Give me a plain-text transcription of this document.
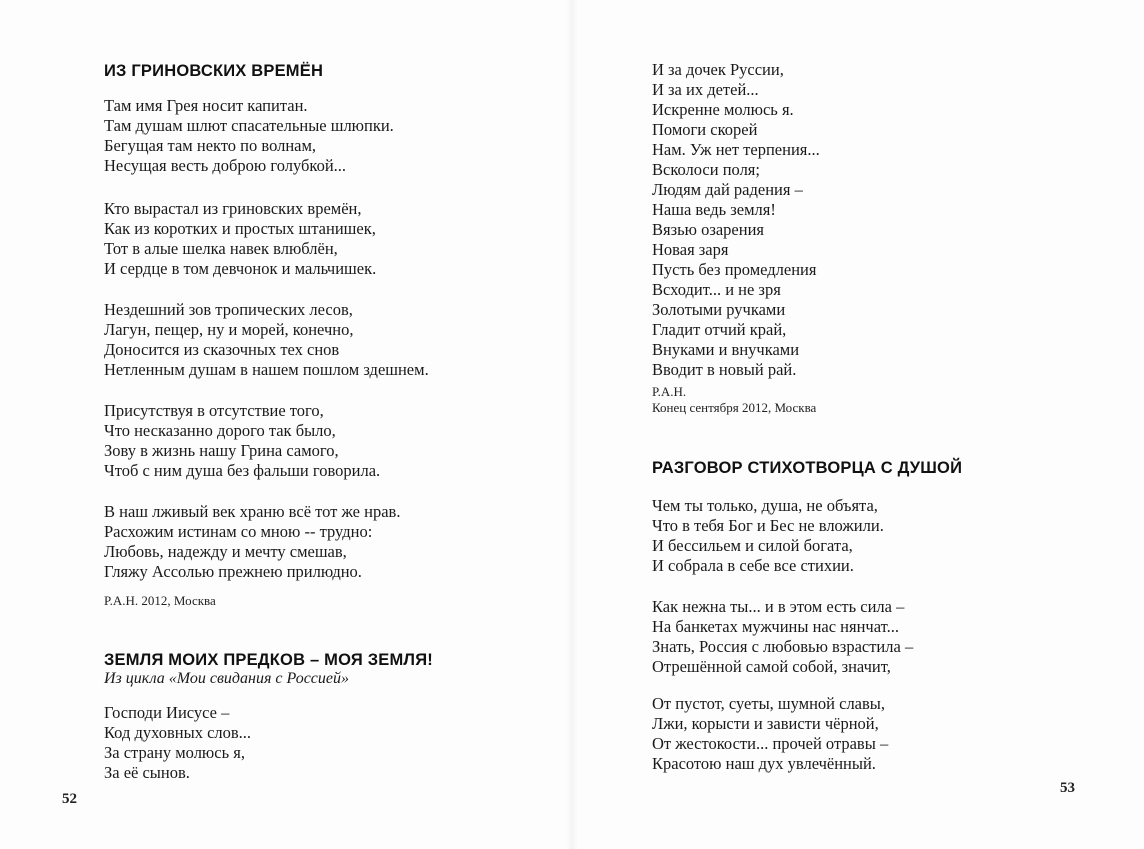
ИЗ ГРИНОВСКИХ ВРЕМЁН
Там имя Грея носит капитан.
Там душам шлют спасательные шлюпки.
Бегущая там некто по волнам,
Несущая весть доброю голубкой...
Кто вырастал из гриновских времён,
Как из коротких и простых штанишек,
Тот в алые шелка навек влюблён,
И сердце в том девчонок и мальчишек.
Нездешний зов тропических лесов,
Лагун, пещер, ну и морей, конечно,
Доносится из сказочных тех снов
Нетленным душам в нашем пошлом здешнем.
Присутствуя в отсутствие того,
Что несказанно дорого так было,
Зову в жизнь нашу Грина самого,
Чтоб с ним душа без фальши говорила.
В наш лживый век храню всё тот же нрав.
Расхожим истинам со мною -- трудно:
Любовь, надежду и мечту смешав,
Гляжу Ассолью прежнею прилюдно.

Р.А.Н. 2012, Москва

ЗЕМЛЯ МОИХ ПРЕДКОВ – МОЯ ЗЕМЛЯ!

Из цикла «Мои свидания с Россией»

Господи Иисусе –
Код духовных слов...
За страну молюсь я,
За её сынов.
52
И за дочек Руссии,
И за их детей...
Искренне молюсь я.
Помоги скорей
Нам. Уж нет терпения...
Всколоси поля;
Людям дай радения –
Наша ведь земля!
Вязью озарения
Новая заря
Пусть без промедления
Всходит... и не зря
Золотыми ручками
Гладит отчий край,
Внуками и внучками
Вводит в новый рай.

Р.А.Н.

Конец сентября 2012, Москва

РАЗГОВОР СТИХОТВОРЦА С ДУШОЙ
Чем ты только, душа, не объята,
Что в тебя Бог и Бес не вложили.
И бессильем и силой богата,
И собрала в себе все стихии.
Как нежна ты... и в этом есть сила –
На банкетах мужчины нас нянчат...
Знать, Россия с любовью взрастила –
Отрешённой самой собой, значит,
От пустот, суеты, шумной славы,
Лжи, корысти и зависти чёрной,
От жестокости... прочей отравы –
Красотою наш дух увлечённый.
53
